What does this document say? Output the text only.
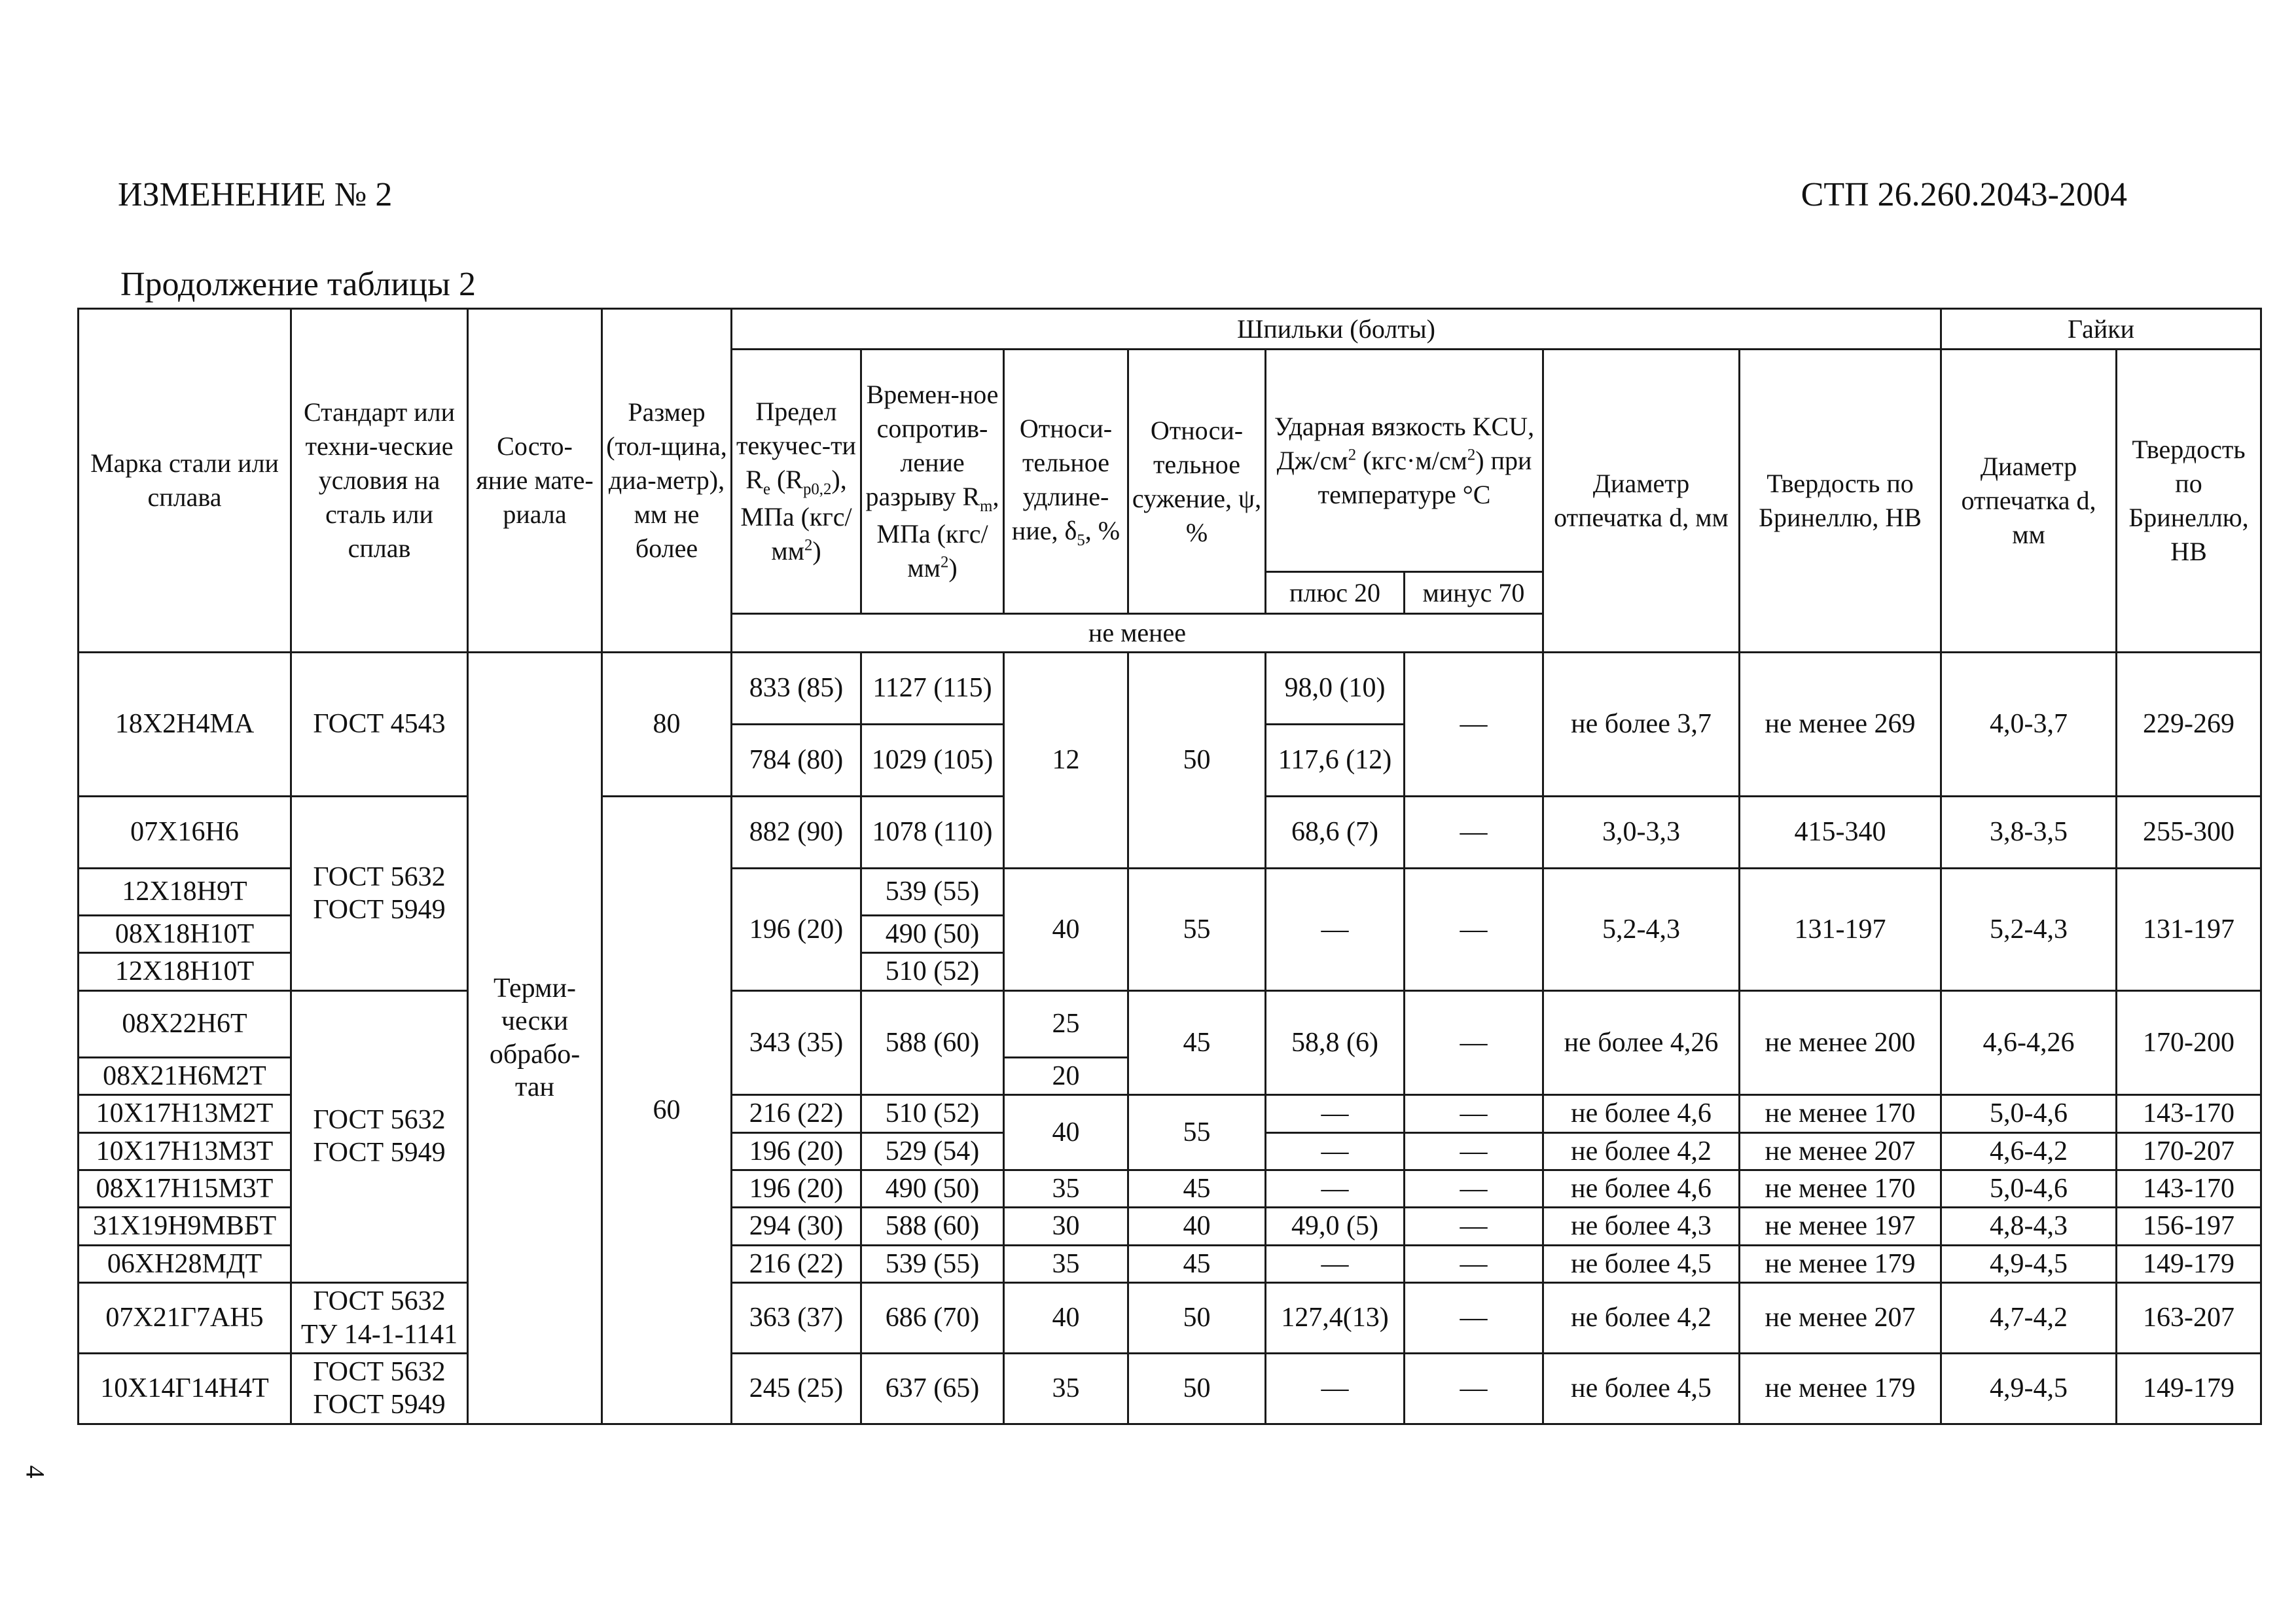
ИЗМЕНЕНИЕ № 2	СТП 26.260.2043-2004
Продолжение таблицы 2
4
Марка стали или сплава	Стандарт или техни-ческие условия на сталь или сплав	Состо-яние мате-риала	Размер (тол-щина, диа-метр), мм не более	Шпильки (болты)								Гайки	
				Предел текучес-ти $R_e$ $(R_{p0,2})$, МПа $(кгс/мм^2)$	Времен-ное сопротив-ление разрыву $R_m$, МПа $(кгс/мм^2)$	Относи-тельное удлине-ние, $\delta_5$, %	Относи-тельное сужение, ψ, %	Ударная вязкость KCU, $Дж/см^2$ $(кгс\cdot м/см^2)$ при температуре °С		Диаметр отпечатка d, мм	Твердость по Бринеллю, НВ	Диаметр отпечатка d, мм	Твердость по Бринеллю, НВ
								плюс 20	минус 70				
				не менее									
18Х2Н4МА	ГОСТ 4543	Терми-чески обрабо-тан	80	833 (85)	1127 (115)	12	50	98,0 (10)	—	не более 3,7	не менее 269	4,0-3,7	229-269
				784 (80)	1029 (105)			117,6 (12)					
07Х16Н6	ГОСТ 5632 ГОСТ 5949		60	882 (90)	1078 (110)			68,6 (7)	—	3,0-3,3	415-340	3,8-3,5	255-300
12Х18Н9Т				196 (20)	539 (55)	40	55	—	—	5,2-4,3	131-197	5,2-4,3	131-197
08Х18Н10Т					490 (50)								
12Х18Н10Т					510 (52)								
08Х22Н6Т	ГОСТ 5632 ГОСТ 5949			343 (35)	588 (60)	25	45	58,8 (6)	—	не более 4,26	не менее 200	4,6-4,26	170-200
08Х21Н6М2Т						20							
10Х17Н13М2Т				216 (22)	510 (52)	40	55	—	—	не более 4,6	не менее 170	5,0-4,6	143-170
10Х17Н13М3Т				196 (20)	529 (54)			—	—	не более 4,2	не менее 207	4,6-4,2	170-207
08Х17Н15М3Т				196 (20)	490 (50)	35	45	—	—	не более 4,6	не менее 170	5,0-4,6	143-170
31Х19Н9МВБТ				294 (30)	588 (60)	30	40	49,0 (5)	—	не более 4,3	не менее 197	4,8-4,3	156-197
06ХН28МДТ				216 (22)	539 (55)	35	45	—	—	не более 4,5	не менее 179	4,9-4,5	149-179
07Х21Г7АН5	ГОСТ 5632 ТУ 14-1-1141			363 (37)	686 (70)	40	50	127,4(13)	—	не более 4,2	не менее 207	4,7-4,2	163-207
10Х14Г14Н4Т	ГОСТ 5632 ГОСТ 5949			245 (25)	637 (65)	35	50	—	—	не более 4,5	не менее 179	4,9-4,5	149-179
